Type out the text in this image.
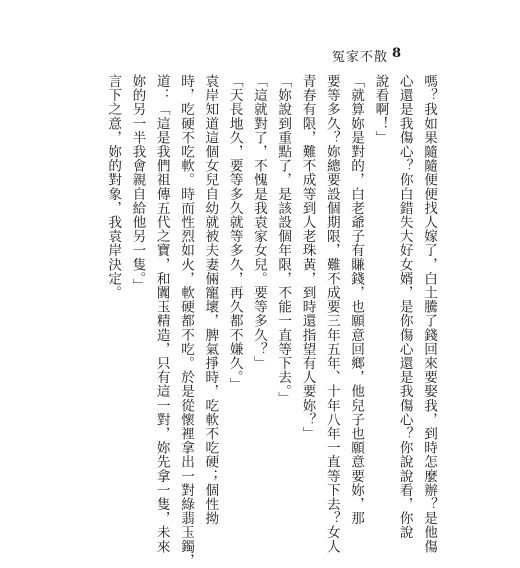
冤家不散 8
嗎？我如果隨隨便便找人嫁了，白土騰了錢回來要娶我，到時怎麼辦？是他傷
心還是我傷心？你白錯失大好女婿，是你傷心還是我傷心？你說說看，你說
說看啊！」
「就算妳是對的，白老爺子有賺錢，也願意回鄉，他兒子也願意要妳，那
要等多久？妳總要設個期限，難不成要三年五年、十年八年一直等下去？女人
青春有限，難不成等到人老珠黃，到時還指望有人要妳？」
「妳說到重點了，是該設個年限，不能一直等下去。」
「這就對了，不愧是我袁家女兒。要等多久？」
「天長地久，要等多久就等多久，再久都不嫌久。」
袁岸知道這個女兒自幼就被夫妻倆寵壞，脾氣掙時，吃軟不吃硬；個性拗
時，吃硬不吃軟。時而性烈如火，軟硬都不吃。於是從懷裡拿出一對綠翡玉鐲，
道：「這是我們祖傳五代之寶，和闐玉精造，只有這一對，妳先拿一隻，未來
妳的另一半我會親自給他另一隻。」
言下之意，妳的對象，我袁岸決定。
